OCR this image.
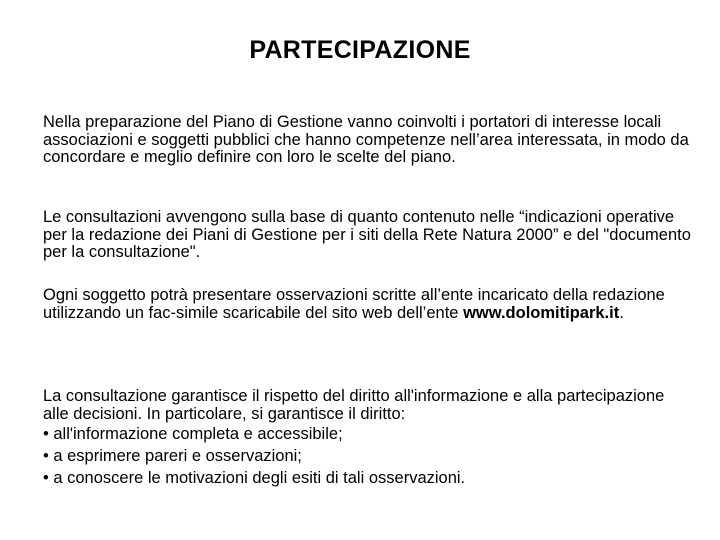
PARTECIPAZIONE
Nella preparazione del Piano di Gestione vanno coinvolti i portatori di interesse locali associazioni e soggetti pubblici che hanno competenze nell’area interessata, in modo da concordare e meglio definire con loro le scelte del piano.
Le consultazioni avvengono sulla base di quanto contenuto nelle “indicazioni operative per la redazione dei Piani di Gestione per i siti della Rete Natura 2000” e del "documento per la consultazione".
Ogni soggetto potrà presentare osservazioni scritte all’ente incaricato della redazione utilizzando un fac-simile scaricabile del sito web dell’ente www.dolomitipark.it.
La consultazione garantisce il rispetto del diritto all'informazione e alla partecipazione alle decisioni. In particolare, si garantisce il diritto:
• all'informazione completa e accessibile;
• a esprimere pareri e osservazioni;
• a conoscere le motivazioni degli esiti di tali osservazioni.
